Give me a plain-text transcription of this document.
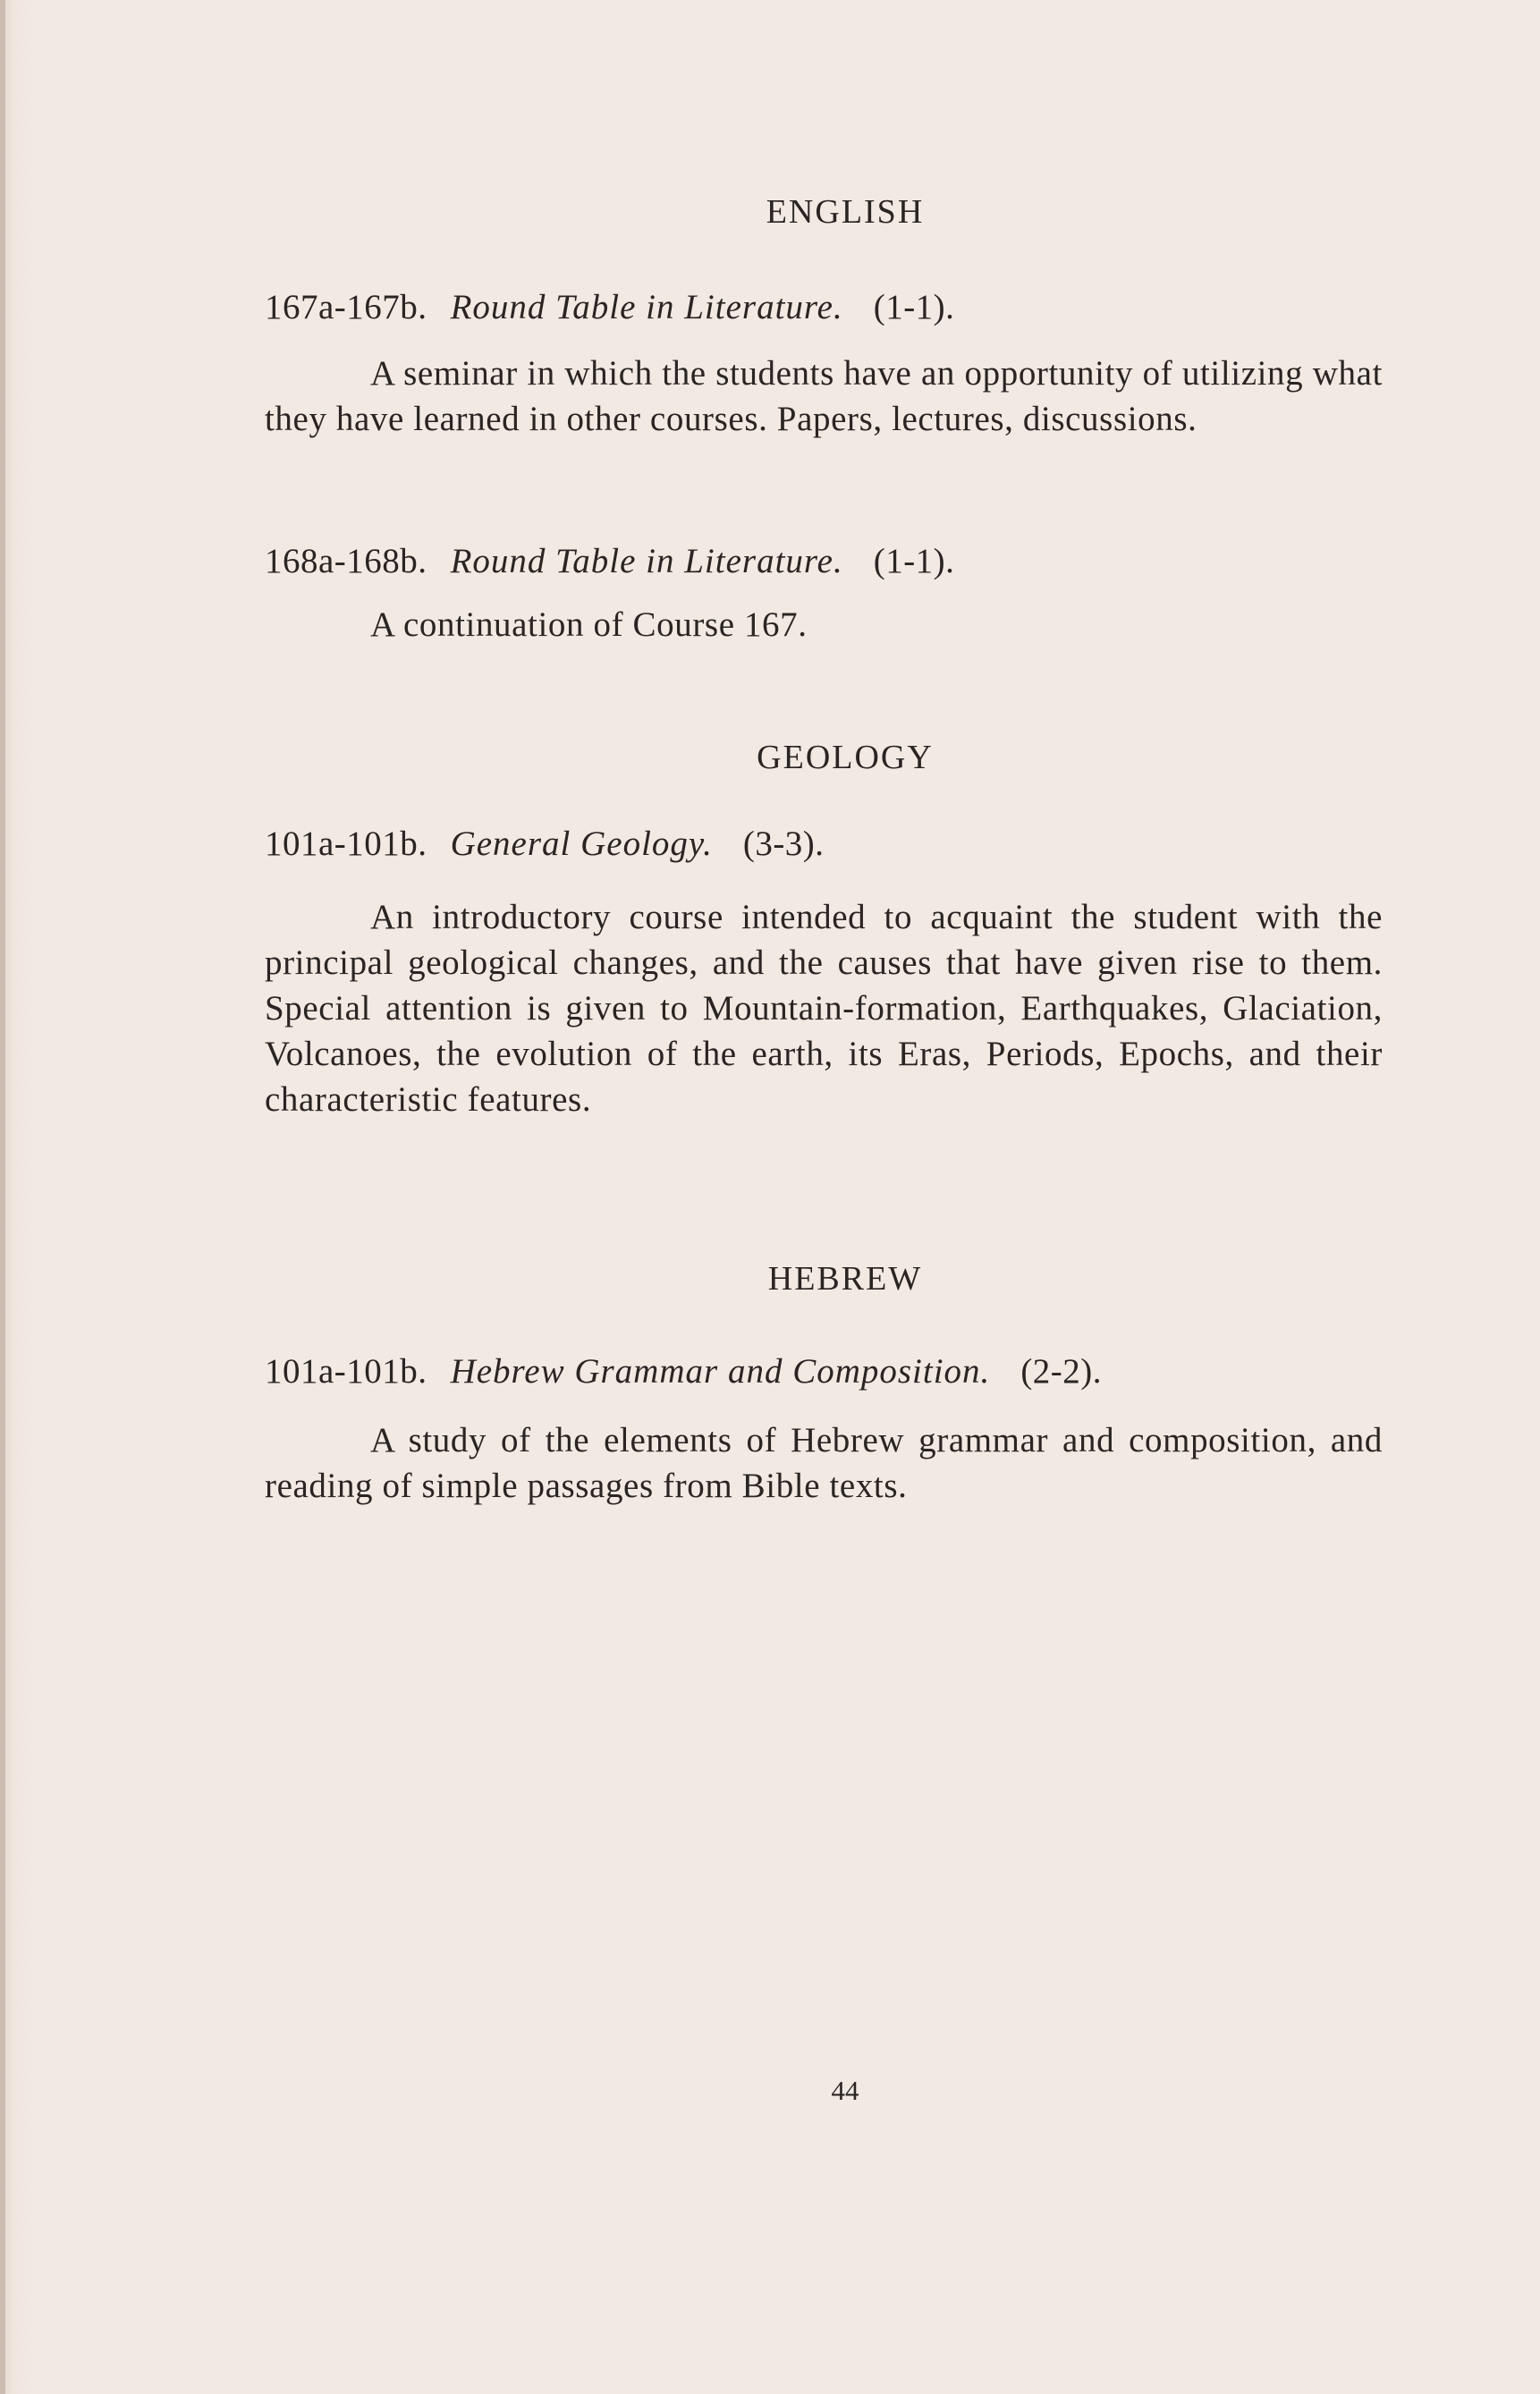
ENGLISH
167a-167b. Round Table in Literature. (1-1).
A seminar in which the students have an opportunity of utilizing what they have learned in other courses. Papers, lectures, discussions.
168a-168b. Round Table in Literature. (1-1).
A continuation of Course 167.
GEOLOGY
101a-101b. General Geology. (3-3).
An introductory course intended to acquaint the student with the principal geological changes, and the causes that have given rise to them. Special attention is given to Mountain-formation, Earthquakes, Glaciation, Volcanoes, the evolution of the earth, its Eras, Periods, Epochs, and their characteristic features.
HEBREW
101a-101b. Hebrew Grammar and Composition. (2-2).
A study of the elements of Hebrew grammar and composition, and reading of simple passages from Bible texts.
44
